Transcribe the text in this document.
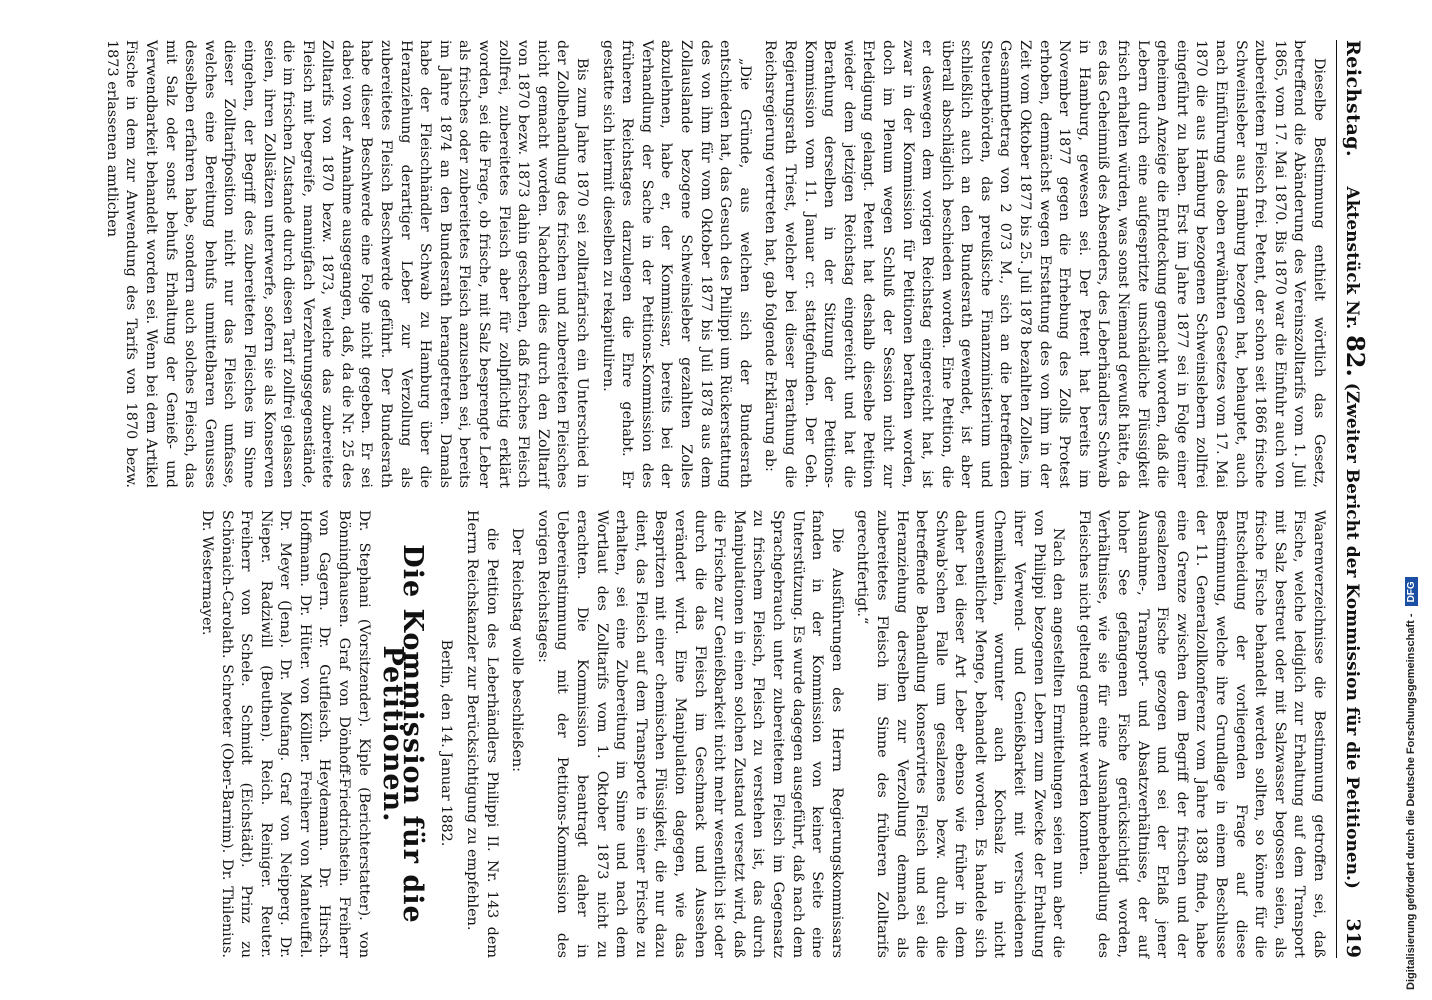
Reichstag.
Aktenstück Nr. 82. (Zweiter Bericht der Kommission für die Petitionen.)
319

Dieselbe Bestimmung enthielt wörtlich das Gesetz, betreffend die Abänderung des Vereinszolltarifs vom 1. Juli 1865, vom 17. Mai 1870. Bis 1870 war die Einfuhr auch von zubereitetem Fleisch frei. Petent, der schon seit 1866 frische Schweinsleber aus Hamburg bezogen hat, behauptet, auch nach Einführung des oben erwähnten Gesetzes vom 17. Mai 1870 die aus Hamburg bezogenen Schweinslebern zollfrei eingeführt zu haben. Erst im Jahre 1877 sei in Folge einer geheimen Anzeige die Entdeckung gemacht worden, daß die Lebern durch eine aufgespritzte unschädliche Flüssigkeit frisch erhalten würden, was sonst Niemand gewußt hätte, da es das Geheimniß des Absenders, des Leberhändlers Schwab in Hamburg, gewesen sei. Der Petent hat bereits im November 1877 gegen die Erhebung des Zolls Protest erhoben, demnächst wegen Erstattung des von ihm in der Zeit vom Oktober 1877 bis 25. Juli 1878 bezahlten Zolles, im Gesammtbetrag von 2 073 M., sich an die betreffenden Steuerbehörden, das preußische Finanzministerium und schließlich auch an den Bundesrath gewendet, ist aber überall abschläglich beschieden worden. Eine Petition, die er deswegen dem vorigen Reichstag eingereicht hat, ist zwar in der Kommission für Petitionen berathen worden, doch im Plenum wegen Schluß der Session nicht zur Erledigung gelangt. Petent hat deshalb dieselbe Petition wieder dem jetzigen Reichstag eingereicht und hat die Berathung derselben in der Sitzung der Petitions-Kommission vom 11. Januar cr. stattgefunden. Der Geh. Regierungsrath Triest, welcher bei dieser Berathung die Reichsregierung vertreten hat, gab folgende Erklärung ab:

„Die Gründe, aus welchen sich der Bundesrath entschieden hat, das Gesuch des Philippi um Rückerstattung des von ihm für vom Oktober 1877 bis Juli 1878 aus dem Zollauslande bezogene Schweinsleber gezahlten Zolles abzulehnen, habe er, der Kommissar, bereits bei der Verhandlung der Sache in der Petitions-Kommission des früheren Reichstages darzulegen die Ehre gehabt. Er gestatte sich hiermit dieselben zu rekapituliren.

Bis zum Jahre 1870 sei zolltarifarisch ein Unterschied in der Zollbehandlung des frischen und zubereiteten Fleisches nicht gemacht worden. Nachdem dies durch den Zolltarif von 1870 bezw. 1873 dahin geschehen, daß frisches Fleisch zollfrei, zubereitetes Fleisch aber für zollpflichtig erklärt worden, sei die Frage, ob frische, mit Salz besprengte Leber als frisches oder zubereitetes Fleisch anzusehen sei, bereits im Jahre 1874 an den Bundesrath herangetreten. Damals habe der Fleischhändler Schwab zu Hamburg über die Heranziehung derartiger Leber zur Verzollung als zubereitetes Fleisch Beschwerde geführt. Der Bundesrath habe dieser Beschwerde eine Folge nicht gegeben. Er sei dabei von der Annahme ausgegangen, daß, da die Nr. 25 des Zolltarifs von 1870 bezw. 1873, welche das zubereitete Fleisch mit begreife, mannigfach Verzehrungsgegenstände, die im frischen Zustande durch diesen Tarif zollfrei gelassen seien, ihren Zollsätzen unterwerfe, sofern sie als Konserven eingehen, der Begriff des zubereiteten Fleisches im Sinne dieser Zolltarifposition nicht nur das Fleisch umfasse, welches eine Bereitung behufs unmittelbaren Genusses desselben erfahren habe, sondern auch solches Fleisch, das mit Salz oder sonst behufs Erhaltung der Genieß- und Verwendbarkeit behandelt worden sei. Wenn bei dem Artikel Fische in dem zur Anwendung des Tarifs von 1870 bezw. 1873 erlassenen amtlichen

Waarenverzeichnisse die Bestimmung getroffen sei, daß Fische, welche lediglich zur Erhaltung auf dem Transport mit Salz bestreut oder mit Salzwasser begossen seien, als frische Fische behandelt werden sollten, so könne für die Entscheidung der vorliegenden Frage auf diese Bestimmung, welche ihre Grundlage in einem Beschlusse der 11. Generalzollkonferenz vom Jahre 1838 finde, habe eine Grenze zwischen dem Begriff der frischen und der gesalzenen Fische gezogen und sei der Erlaß jener Ausnahme-, Transport- und Absatzverhältnisse, der auf hoher See gefangenen Fische gerücksichtigt worden, Verhältnisse, wie sie für eine Ausnahmebehandlung des Fleisches nicht geltend gemacht werden konnten.

Nach den angestellten Ermittelungen seien nun aber die von Philippi bezogenen Lebern zum Zwecke der Erhaltung ihrer Verwend- und Genießbarkeit mit verschiedenen Chemikalien, worunter auch Kochsalz in nicht unwesentlicher Menge, behandelt worden. Es handele sich daher bei dieser Art Leber ebenso wie früher in dem Schwab'schen Falle um gesalzenes bezw. durch die betreffende Behandlung konservirtes Fleisch und sei die Heranziehung derselben zur Verzollung demnach als zubereitetes Fleisch im Sinne des früheren Zolltarifs gerechtfertigt.“

Die Ausführungen des Herrn Regierungskommissars fanden in der Kommission von keiner Seite eine Unterstützung. Es wurde dagegen ausgeführt, daß nach dem Sprachgebrauch unter zubereitetem Fleisch im Gegensatz zu frischem Fleisch, Fleisch zu verstehen ist, das durch Manipulationen in einen solchen Zustand versetzt wird, daß die Frische zur Genießbarkeit nicht mehr wesentlich ist oder durch die das Fleisch im Geschmack und Aussehen verändert wird. Eine Manipulation dagegen, wie das Bespritzen mit einer chemischen Flüssigkeit, die nur dazu dient, das Fleisch auf dem Transporte in seiner Frische zu erhalten, sei eine Zubereitung im Sinne und nach dem Wortlaut des Zolltarifs vom 1. Oktober 1873 nicht zu erachten. Die Kommission beantragt daher in Uebereinstimmung mit der Petitions-Kommission des vorigen Reichstages:

Der Reichstag wolle beschließen:

die Petition des Leberhändlers Philippi II. Nr. 143 dem Herrn Reichskanzler zur Berücksichtigung zu empfehlen.

Berlin, den 14. Januar 1882.

Die Kommission für die Petitionen.

Dr. Stephani (Vorsitzender). Kiple (Berichterstatter). von Bönninghausen. Graf von Dönhoff-Friedrichstein. Freiherr von Gagern. Dr. Gutfleisch. Heydemann. Dr. Hirsch. Hoffmann. Dr. Hüter. von Kölller. Freiherr von Manteuffel. Dr. Meyer (Jena). Dr. Moufang. Graf von Neipperg. Dr. Nieper. Radziwill (Beuthen). Reich. Reiniger. Reuter. Freiherr von Schele. Schmidt (Eichstädt). Prinz zu Schönaich-Carolath. Schroeter (Ober-Barnim). Dr. Thilenius. Dr. Westermayer.

Digitalisierung gefördert durch die Deutsche Forschungsgemeinschaft - DFG
